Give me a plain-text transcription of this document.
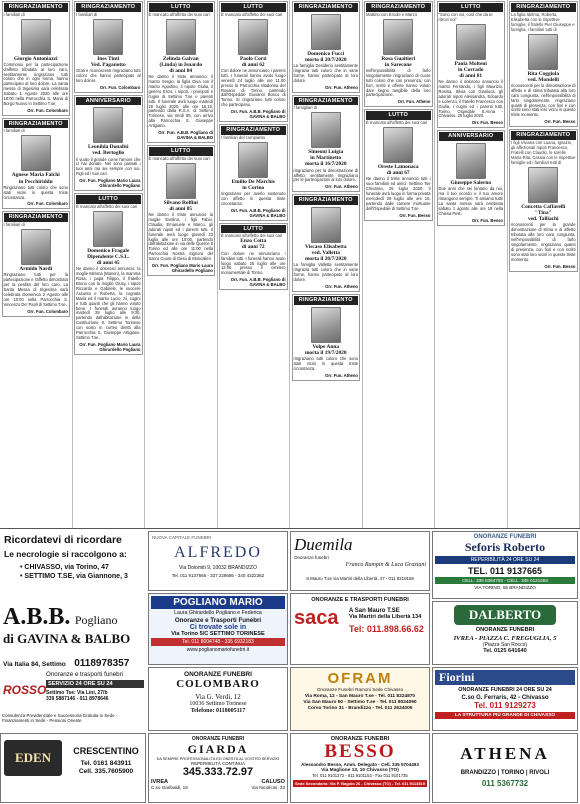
RINGRAZIAMENTO
I familiari di
Giorgio Antoniazzi
Commossi per la partecipazione d'affetto tributata al loro caro, sentitamente ringraziano tutti coloro che in ogni forma, hanno partecipato al loro dolore. La santa messa di trigesima sarà celebrata Sabato 1 Agosto 2020 alle ore 18:00 nella Parrocchia S. Maria di Borgo Nuovo in Settimo T.se.
Orr. Fun. Colombaro
RINGRAZIAMENTO
I familiari di
Agnese Maria Falchi
in Pecchiriddu
Ringraziano tutti coloro che sono stati vicini in questa triste circostanza.
Orr. Fun. Colombaro
RINGRAZIAMENTO
I familiari di
Armido Nardi
Ringraziano tutti per la partecipazione e l'affetto dimostrato per la perdita del loro caro. La Santa Messa di trigesima sarà celebrata Domenica 2 Agosto alle ore 10:00 nella Parrocchia S. Vincenzo De' Paoli di Settimo T.se.
Orr. Fun. Colombaro
RINGRAZIAMENTO
I familiari di
Ines Tinti
Ved. Paganotto
Grati e riconoscenti ringraziano tutti coloro che hanno partecipato al loro dolore.
Orr. Fun. Colombaro
ANNIVERSARIO
Leonilda Donalisi
ved. Bertoglio
Il vuoto il grande come l'amore che ci hai donato. Nel sono passati i tuoi anni ma sei sempre con noi. Figli ed i tuoi cari.
Orr. Fun. Pogliano Mario Laura Ghirardello Pogliano
LUTTO
È mancato all'affetto dei suoi cari
Domenico Fragale
Dipendente C.S.L.
di anni 45
Ne danno il doloroso annuncio: la moglie Mimma (Manon), la mamma Rosa, i papà Filippo, il fratello Bruno con la moglie Giusy, i nipoti Riccardo e Gabriele, le suocere Assunta e Roberta, la cognata Maria ed il marito Lucio, zii, cugini e tutti quanti che gli hanno voluto bene. I funerali avranno luogo martedì 28 luglio alle 9:30, partendo dall'abitazione in della Costituzione 8, Settimo Torinese con sosto in corteo diretti alla Parrocchia S. Giuseppe Artigiano. Settimo T.se.
Orr. Fun. Pogliano Mario Laura Ghirardello Pogliano
LUTTO
È mancato all'affetto dei suoi cari
Zelinda Galvan
(Linda) in Isnardo
di anni 84
Ne danno il triste annuncio: il marito Sergio, la figlia Diva con il marito Agostino, il nipote Giulia, il genero Enzo, i nipoti, i pronipoti e cugini di Settimo T.se e parenti tutti. Il funerale avrà luogo martedì 28 luglio 2020, alle ore 15.15, partendo dalla R.S.A. di Settimo Torinese, via Verdi 85, con arrivo alla Parrocchia S. Giuseppe Artigiano.
Orr. Fun. A.B.B. Pogliano di GAVINA & BALBO
LUTTO
È mancato all'affetto dei suoi cari
Silvano Rolfini
di anni 85
Ne danno il triste annuncio la moglie Evelina, i figli Fabio, Claudia, Emanuele e Marco, gli adorati nipoti ed i parenti tutti. Il funerale avrà luogo giovedì 23 luglio alle ore 10:00, partendo dall'abitazione in via delle Querce 8 Torino ed alle ore 11:00 nella Parrocchia Nostra Signora del Sacro Cuore di Gesù di Moncalieri.
Orr. Fun. Pogliano Mario Laura Ghirardello Pogliano
LUTTO
È mancato all'affetto dei suoi cari
Paolo Corti
di anni 62
Con dolore ne annunciano i parenti tutti. I funerali hanno avuto luogo venerdì 24 luglio alle ore 11.00 presso la Parrocchia Madonna del Rosario di Torino, partendo dall'Ospedale Giovanni Bosco di Torino. Si ringraziano tutti coloro che partecipano.
Orr. Fun. A.B.B. Pogliano di GAVINA & BALBO
RINGRAZIAMENTO
I familiari del compianto
Emilio De Marchis
in Corino
ringraziano per averlo sostenuto con affetto in questa triste circostanza.
Orr. Fun. A.B.B. Pogliano di GAVINA & BALBO
LUTTO
È mancato all'affetto dei suoi cari
Enzo Cotta
di anni 72
Con dolore ne annunciano i familiari tutti. I funerali hanno avuto luogo sabato 25 luglio alle ore 12.00 presso il cimitero monumentale di Torino.
Orr. Fun. A.B.B. Pogliano di GAVINA & BALBO
RINGRAZIAMENTO
Domenico Fucci
morto il 20/7/2020
La famiglia Desiderio sentitamente ringrazia tutti coloro che in varie forme, hanno partecipato al loro dolore.
Orr. Fun. Atheno
RINGRAZIAMENTO
I famigliari di
Simeoni Luigia
in Martinetto
morta il 16/7/2020
ringraziano per la dimostrazione di affetto, sentitamente ringraziano per le partecipazioni al loro dolore.
Orr. Fun. Atheno
RINGRAZIAMENTO
Viscaso Elisabetta
ved. Valletta
morta il 20/7/2020
La famiglia Valletta sentitamente ringrazia tutti coloro che in varie forme, hanno partecipato al loro dolore.
Orr. Fun. Atheno
RINGRAZIAMENTO
Volpe Anna
morta il 19/7/2020
ringraziano tutti coloro che sono stati vicini in questa triste circostanza.
Orr. Fun. Atheno
RINGRAZIAMENTO
Mattino con Ercole e Marzo
Rosa Gualtieri
in Sarecone
nell'impossibilità di farlo singolarmente ringraziano di cuore tutti coloro che con presenza, con fiori, scritti e offerte hanno voluto dare segno tangibile della loro partecipazione.
Orr. Fun. Atheno
LUTTO
È mancato all'affetto dei suoi cari
Oreste Lamonaca
di anni 67
Ne danno il triste annuncio tutti i suoi familiari ed amici. Settimo Tse Chivasso, 25 luglio 2020. Il funerale avrà luogo in forma privata mercoledì 29 luglio alle ore 16, partendo dalle camere mortuarie dell'Ospedale di Settimo T.se.
Orr. Fun. Besso
LUTTO
"Sono con voi, così che da te ritrovi noi"
Paola Molteni
in Corrado
di anni 81
Ne danno il doloroso annuncio il marito Fernando, i figli Maurizio, Rosina, Silvia con Gianluca, gli adorati nipoti Alessandra, Edoardo e Lorenzo, il fratello Francesco con Giulia, i cugini ed i parenti tutti. Torino, Ospedale S.Anna - Chivasso, 25 luglio 2020.
Orr. Fun. Besso
ANNIVERSARIO
Giuseppe Salerno
Due anni che sei lontano da noi, ma il tuo ricordo e il tuo amore rimangono sempre. Ti amiamo tutti! La santa messa sarà celebrata sabato 1 agosto alle ore 19 nella Chiesa Pest.
Orr. Fun. Besso
RINGRAZIAMENTO
La figlia Idelma, Roberta, Elisabetta con le rispettive famiglie, il fratello Pier Giuseppe e famiglia, i familiari tutti di
Rita Coggiola
ved. Mondelli
riconoscenti per la dimostrazione di affetto e di stima tributata alla loro cara congiunta, nell'impossibilità di farlo singolarmente, ringraziano quanti di presenza, con fiori e con scritti sono stati loro vicini in questo triste momento.
Orr. Fun. Besso
RINGRAZIAMENTO
I figli Viviana con Luana, Ignazio, gli affezionati nipoti Francesco, Fratelli con Claudio, le sorelle Maria Rita, Cassia con le rispettive famiglie ed i familiari tutti di
Concetta Caffarelli
"Tina"
ved. Talliachi
riconoscenti per la grande dimostrazione di stima e di affetto tributata alla loro cara congiunta, nell'impossibilità di farlo singolarmente, ringraziano quanti di presenza, con fiori e con scritti sono stati loro vicini in questo triste momento.
Orr. Fun. Besso
Ricordatevi di ricordare
Le necrologie si raccolgono a:
• CHIVASSO, via Torino, 47
• SETTIMO T.SE, via Giannone, 3
NUOVA CAPITALE FUNEBRI
ALFREDO
Via Dolomiti 9, 10032 BRANDIZZO
Tel. 011 9137566 - 337 228686 - 340 4322362
Duemila
Onoranze funebri
Franco Rampin & Luca Graziani
S.Mauro T.se via Martiri della Libertà, 47 - 011 8219158
ONORANZE FUNEBRI
Seforis Roberto
REPERIBILITÀ 24 ORE SU 24
TEL. 011 9137665
CELL. 335 6384793 - CELL. 345 0121658
VIA TORINO, 55 BRANDIZZO
A.B.B. Pogliano
di GAVINA & BALBO
Via Italia 84, Settimo 0118978357
POGLIANO MARIO
Laura Ghirardello Pogliano e Federica
Onoranze e Trasporti Funebri
Ci trovate sole in
Via Torino 5/C SETTIMO TORINESE
Tel. 011 8004748 - 335 6932183
www.poglianomariofunebri.it
ONORANZE E TRASPORTI FUNEBRI
saca	A San Mauro T.SE
Via Martiri della Libertà 134
Tel: 011.898.66.62
DALBERTO
ONORANZE FUNEBRI
IVREA - PIAZZA C. FREGUGLIA, 5
(Piazza San Rocco)
Tel. 0125 641640
ROSSO
Onoranze e trasporti funebri
SERVIZIO 24 ORE SU 24
Settimo Tse: Via Lini, 27/b
339 5887146 - 011 8978646
Consulenza Previdenziale e Successoria Gratuita in Sede - Finanziamenti in Sede - Pensioni Oneste
ONORANZE FUNEBRI
COLOMBARO
Via G. Verdi, 12
10036 Settimo Torinese
Telefono: 0118005117
OFRAM
Onoranze Funebri Ramoni Sede Chivasso
Via Roma, 12 - San Mauro T.se - Tel. 011 8224870
Via San Mauro 50 - Settimo T.se - Tel. 011 8024090
Corso Torino 31 - Brandizzo - Tel. 011 2624005
Fiorini
ONORANZE FUNEBRI 24 ORE SU 24
C.so G. Ferraris, 42 - Chivasso
Tel. 011 9129273
LA STRUTTURA PIÙ GRANDE DI CHIVASSO
EDEN	CRESCENTINO
Tel. 0161 843911
Cell. 335.7605900
ONORANZE FUNEBRI
GIARDA
DA SEMPRE PROFESSIONALITÀ ED ONESTÀ AL VOSTRO SERVIZIO
REPERIBILITÀ CONTINUA
345.333.72.97
IVREA
C.so Garibaldi, 16
CALUSO
Via Nicolicini, 33
ONORANZE FUNEBRI
BESSO
Alessandro Besso, Amm. Delegato - Cell. 335 5704493
Via Maglione 13, 10 Chivasso (TO)
Tel. 011 9101272 - 011 9101153 - Fax 011 9101735
Sede Secondaria: Via P. Bagolo 26 - Chivasso (TO) - Tel. 011 9114519
ATHENA
BRANDIZZO | TORINO | RIVOLI
011 5367732
